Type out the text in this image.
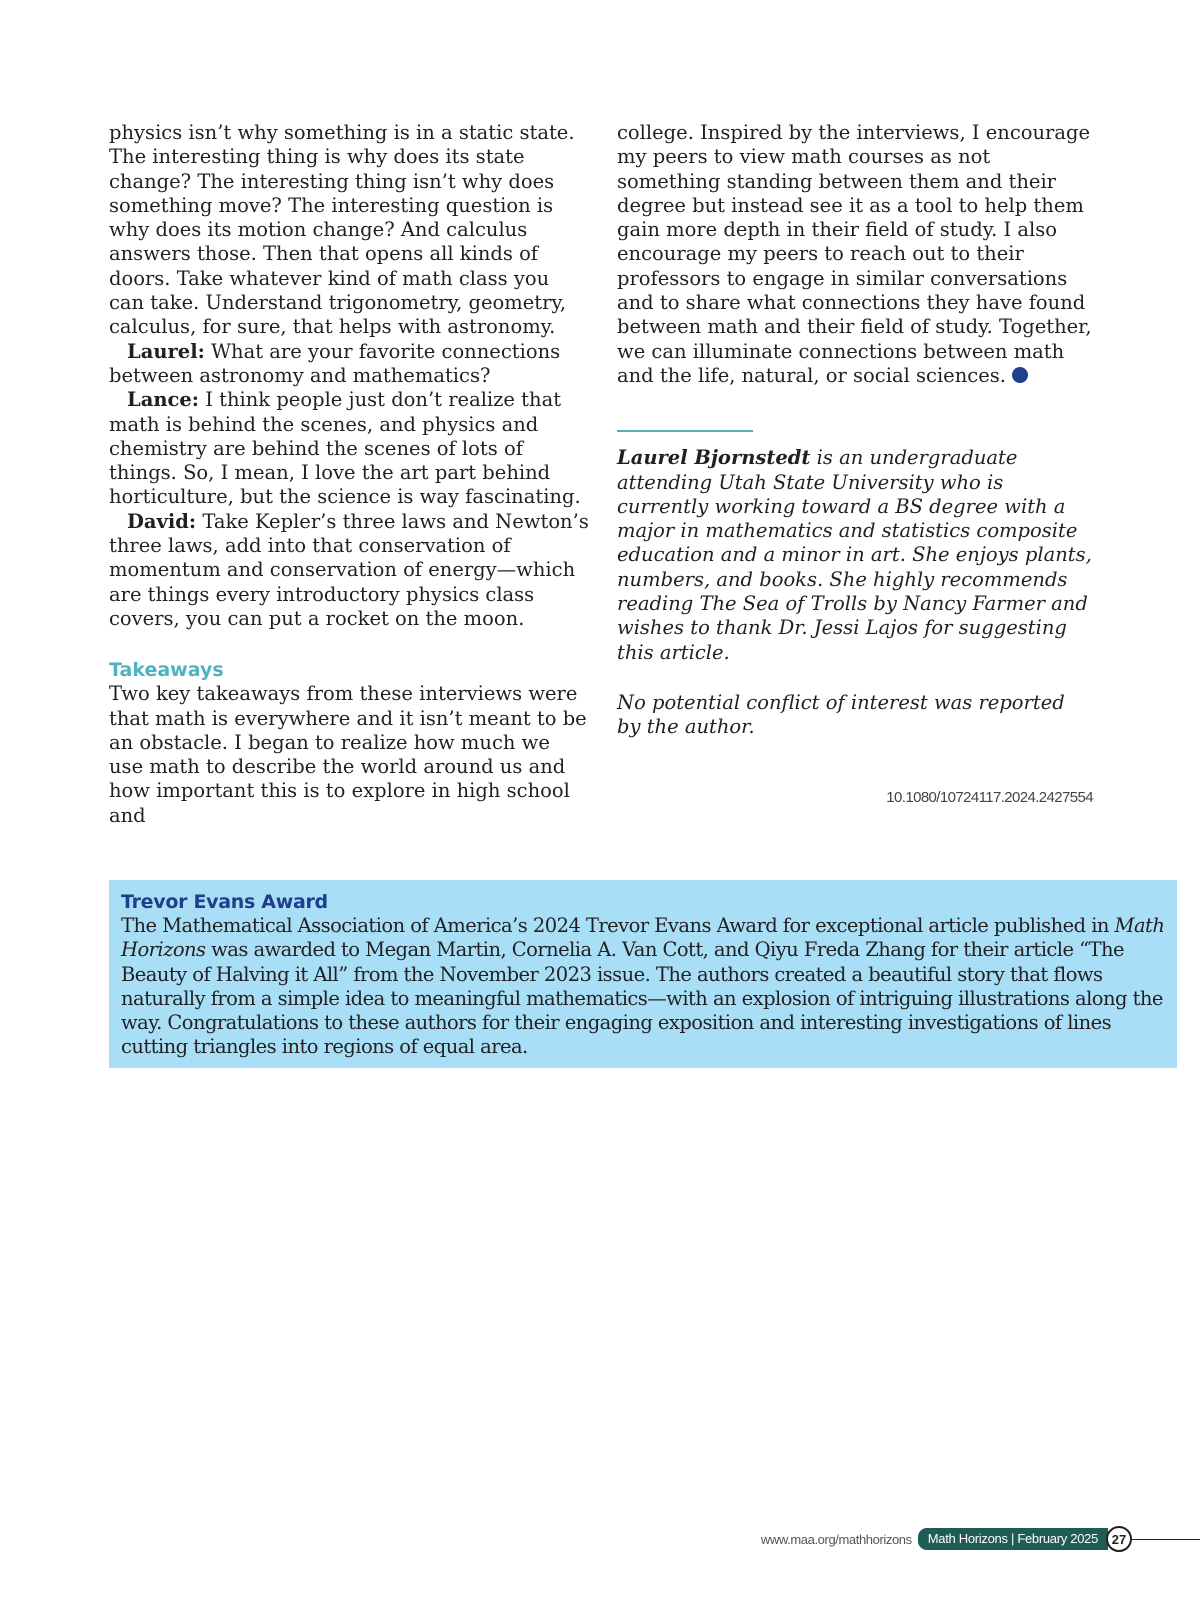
physics isn’t why something is in a static state. The interesting thing is why does its state change? The interesting thing isn’t why does something move? The interesting question is why does its motion change? And calculus answers those. Then that opens all kinds of doors. Take whatever kind of math class you can take. Understand trigonometry, geometry, calculus, for sure, that helps with astronomy.

Laurel: What are your favorite connections between astronomy and mathematics?

Lance: I think people just don’t realize that math is behind the scenes, and physics and chemistry are behind the scenes of lots of things. So, I mean, I love the art part behind horticulture, but the science is way fascinating.

David: Take Kepler’s three laws and Newton’s three laws, add into that conservation of momentum and conservation of energy—which are things every introductory physics class covers, you can put a rocket on the moon.

Takeaways

Two key takeaways from these interviews were that math is everywhere and it isn’t meant to be an obstacle. I began to realize how much we use math to describe the world around us and how important this is to explore in high school and

college. Inspired by the interviews, I encourage my peers to view math courses as not something standing between them and their degree but instead see it as a tool to help them gain more depth in their field of study. I also encourage my peers to reach out to their professors to engage in similar conversations and to share what connections they have found between math and their field of study. Together, we can illuminate connections between math and the life, natural, or social sciences.

Laurel Bjornstedt is an undergraduate attending Utah State University who is currently working toward a BS degree with a major in mathematics and statistics composite education and a minor in art. She enjoys plants, numbers, and books. She highly recommends reading The Sea of Trolls by Nancy Farmer and wishes to thank Dr. Jessi Lajos for suggesting this article.

No potential conflict of interest was reported by the author.

10.1080/10724117.2024.2427554
Trevor Evans Award

The Mathematical Association of America’s 2024 Trevor Evans Award for exceptional article published in Math Horizons was awarded to Megan Martin, Cornelia A. Van Cott, and Qiyu Freda Zhang for their article “The Beauty of Halving it All” from the November 2023 issue. The authors created a beautiful story that flows naturally from a simple idea to meaningful mathematics—with an explosion of intriguing illustrations along the way. Congratulations to these authors for their engaging exposition and interesting investigations of lines cutting triangles into regions of equal area.

www.maa.org/mathhorizons	Math Horizons | February 2025	27
